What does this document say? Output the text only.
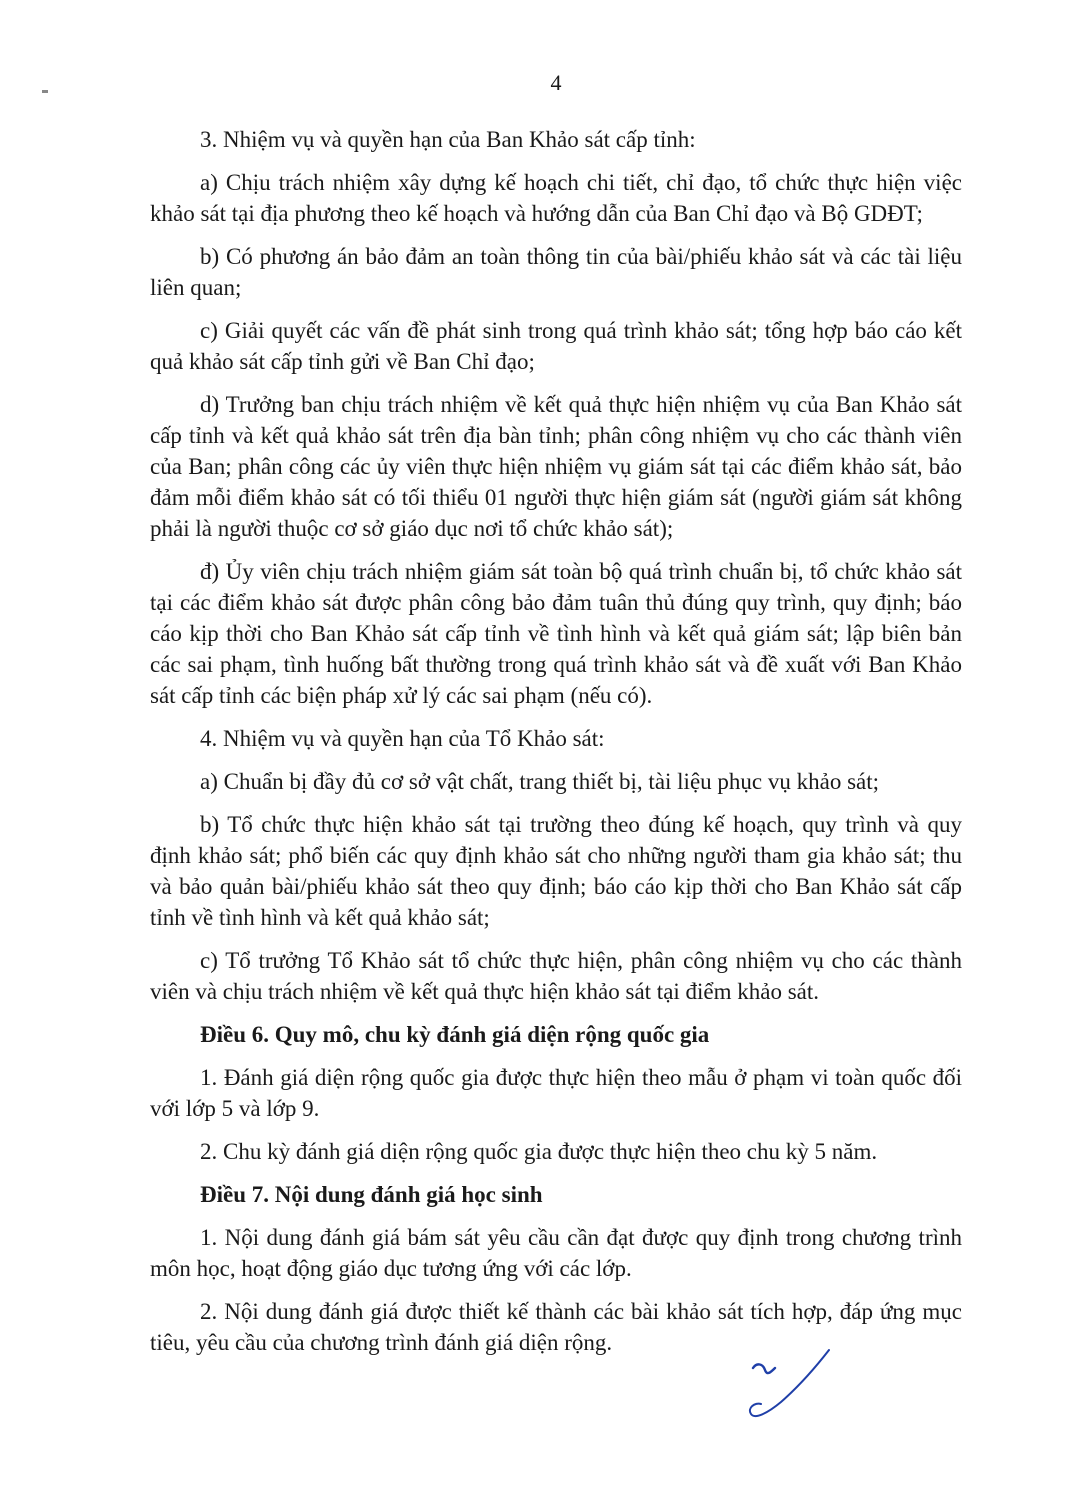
4

3. Nhiệm vụ và quyền hạn của Ban Khảo sát cấp tỉnh:

a) Chịu trách nhiệm xây dựng kế hoạch chi tiết, chỉ đạo, tổ chức thực hiện việc khảo sát tại địa phương theo kế hoạch và hướng dẫn của Ban Chỉ đạo và Bộ GDĐT;

b) Có phương án bảo đảm an toàn thông tin của bài/phiếu khảo sát và các tài liệu liên quan;

c) Giải quyết các vấn đề phát sinh trong quá trình khảo sát; tổng hợp báo cáo kết quả khảo sát cấp tỉnh gửi về Ban Chỉ đạo;

d) Trưởng ban chịu trách nhiệm về kết quả thực hiện nhiệm vụ của Ban Khảo sát cấp tỉnh và kết quả khảo sát trên địa bàn tỉnh; phân công nhiệm vụ cho các thành viên của Ban; phân công các ủy viên thực hiện nhiệm vụ giám sát tại các điểm khảo sát, bảo đảm mỗi điểm khảo sát có tối thiểu 01 người thực hiện giám sát (người giám sát không phải là người thuộc cơ sở giáo dục nơi tổ chức khảo sát);

đ) Ủy viên chịu trách nhiệm giám sát toàn bộ quá trình chuẩn bị, tổ chức khảo sát tại các điểm khảo sát được phân công bảo đảm tuân thủ đúng quy trình, quy định; báo cáo kịp thời cho Ban Khảo sát cấp tỉnh về tình hình và kết quả giám sát; lập biên bản các sai phạm, tình huống bất thường trong quá trình khảo sát và đề xuất với Ban Khảo sát cấp tỉnh các biện pháp xử lý các sai phạm (nếu có).

4. Nhiệm vụ và quyền hạn của Tổ Khảo sát:

a) Chuẩn bị đầy đủ cơ sở vật chất, trang thiết bị, tài liệu phục vụ khảo sát;

b) Tổ chức thực hiện khảo sát tại trường theo đúng kế hoạch, quy trình và quy định khảo sát; phổ biến các quy định khảo sát cho những người tham gia khảo sát; thu và bảo quản bài/phiếu khảo sát theo quy định; báo cáo kịp thời cho Ban Khảo sát cấp tỉnh về tình hình và kết quả khảo sát;

c) Tổ trưởng Tổ Khảo sát tổ chức thực hiện, phân công nhiệm vụ cho các thành viên và chịu trách nhiệm về kết quả thực hiện khảo sát tại điểm khảo sát.

Điều 6. Quy mô, chu kỳ đánh giá diện rộng quốc gia

1. Đánh giá diện rộng quốc gia được thực hiện theo mẫu ở phạm vi toàn quốc đối với lớp 5 và lớp 9.

2. Chu kỳ đánh giá diện rộng quốc gia được thực hiện theo chu kỳ 5 năm.

Điều 7. Nội dung đánh giá học sinh

1. Nội dung đánh giá bám sát yêu cầu cần đạt được quy định trong chương trình môn học, hoạt động giáo dục tương ứng với các lớp.

2. Nội dung đánh giá được thiết kế thành các bài khảo sát tích hợp, đáp ứng mục tiêu, yêu cầu của chương trình đánh giá diện rộng.
